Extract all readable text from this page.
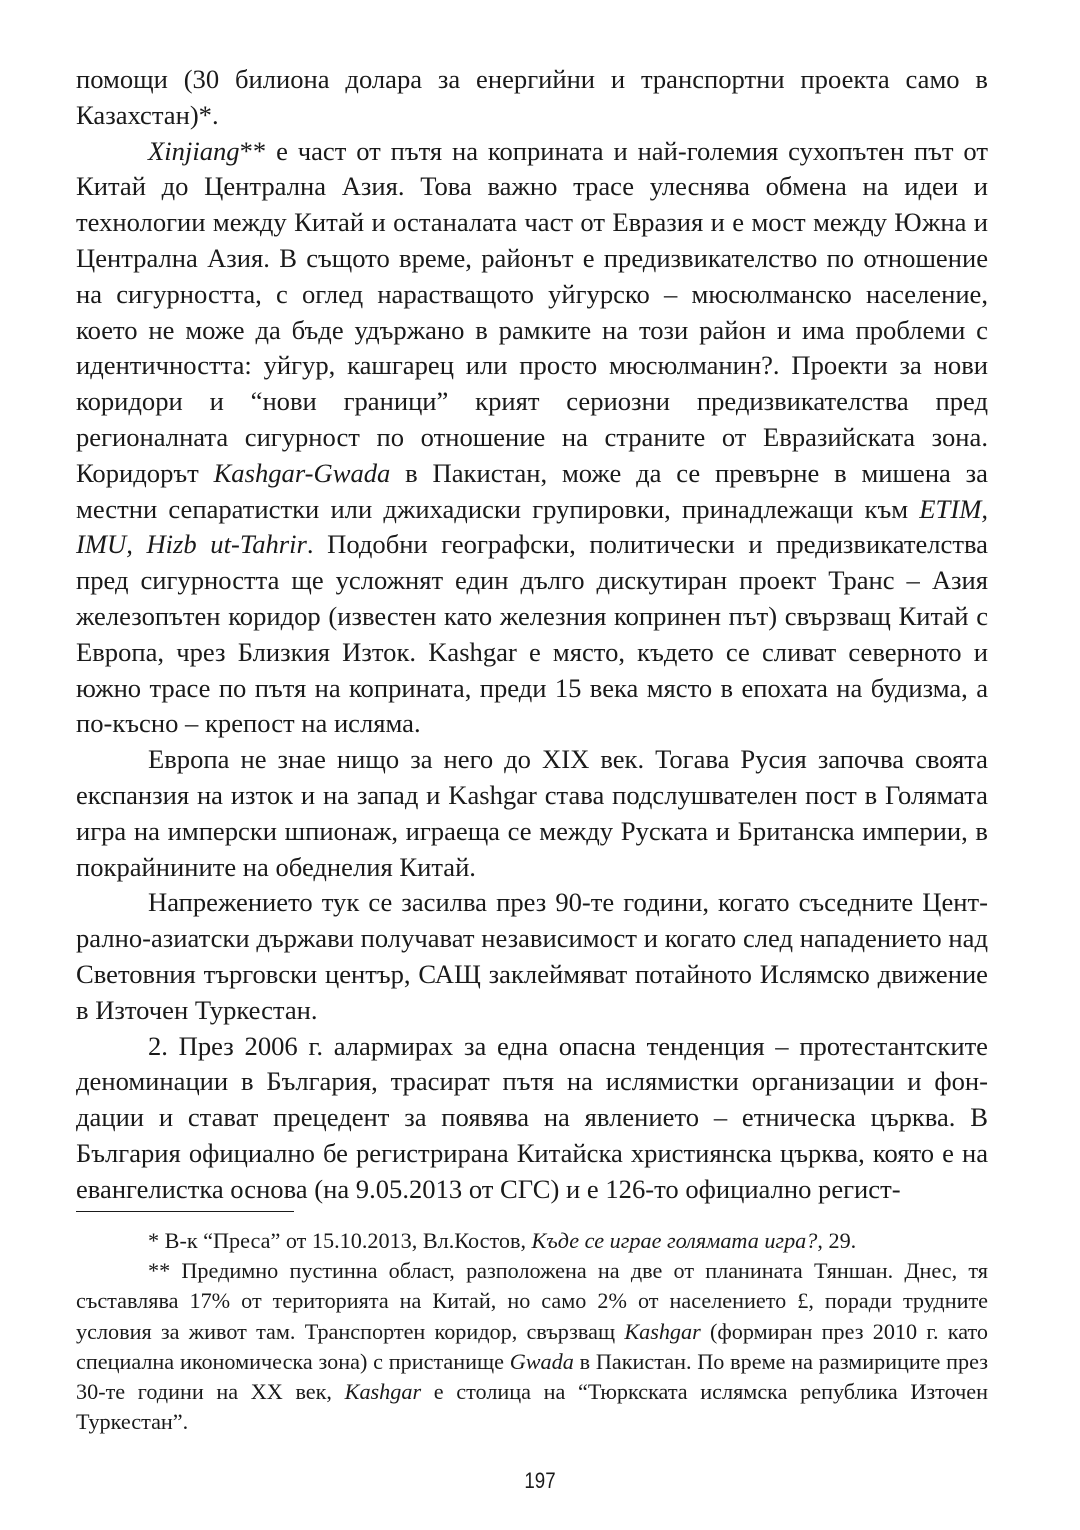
помощи (30 билиона долара за енергийни и транспортни проекта само в Казахстан)*.

Xinjiang** е част от пътя на коприната и най-големия сухопътен път от Китай до Централна Азия. Това важно трасе улеснява обмена на идеи и технологии между Китай и останалата част от Евразия и е мост между Южна и Централна Азия. В същото време, районът е предизвикателство по отношение на сигурността, с оглед нарастващото уйгурско – мюсюлманско население, което не може да бъде удържано в рамките на този район и има проблеми с идентичността: уйгур, кашгарец или просто мюсюлманин?. Проекти за нови коридори и “нови граници” крият сериозни предизвикателства пред регионалната сигурност по отношение на страните от Евразийската зона. Коридорът Kashgar-Gwada в Пакистан, може да се превърне в мишена за местни сепаратистки или джихадиски групировки, принадлежащи към ETIM, IMU, Hizb ut-Tahrir. Подобни географски, политически и предизвикателства пред сигурността ще усложнят един дълго дискутиран проект Транс – Азия железопътен коридор (известен като железния копринен път) свързващ Китай с Европа, чрез Близкия Изток. Kashgar е място, където се сливат северното и южно трасе по пътя на коприната, преди 15 века място в епохата на будизма, а по-късно – крепост на исляма.

Европа не знае нищо за него до XIX век. Тогава Русия започва своята експанзия на изток и на запад и Kashgar става подслушвателен пост в Голямата игра на имперски шпионаж, играеща се между Руската и Британска империи, в покрайнините на обеднелия Китай.

Напрежението тук се засилва през 90-те години, когато съседните Централно-азиатски държави получават независимост и когато след нападението над Световния търговски център, САЩ заклеймяват потайното Ислямско движение в Източен Туркестан.

2. През 2006 г. алармирах за една опасна тенденция – протестантските деноминации в България, трасират пътя на ислямистки организации и фондации и стават прецедент за появява на явлението – етническа църква. В България официално бе регистрирана Китайска християнска църква, която е на евангелистка основа (на 9.05.2013 от СГС) и е 126-то официално регист-

* В-к “Преса” от 15.10.2013, Вл.Костов, Къде се играе голямата игра?, 29.

** Предимно пустинна област, разположена на две от планината Тяншан. Днес, тя съставлява 17% от територията на Китай, но само 2% от населението £, поради трудните условия за живот там. Транспортен коридор, свързващ Kashgar (формиран през 2010 г. като специална икономическа зона) с пристанище Gwada в Пакистан. По време на размириците през 30-те години на XX век, Kashgar е столица на “Тюркската ислямска република Източен Туркестан”.

197
